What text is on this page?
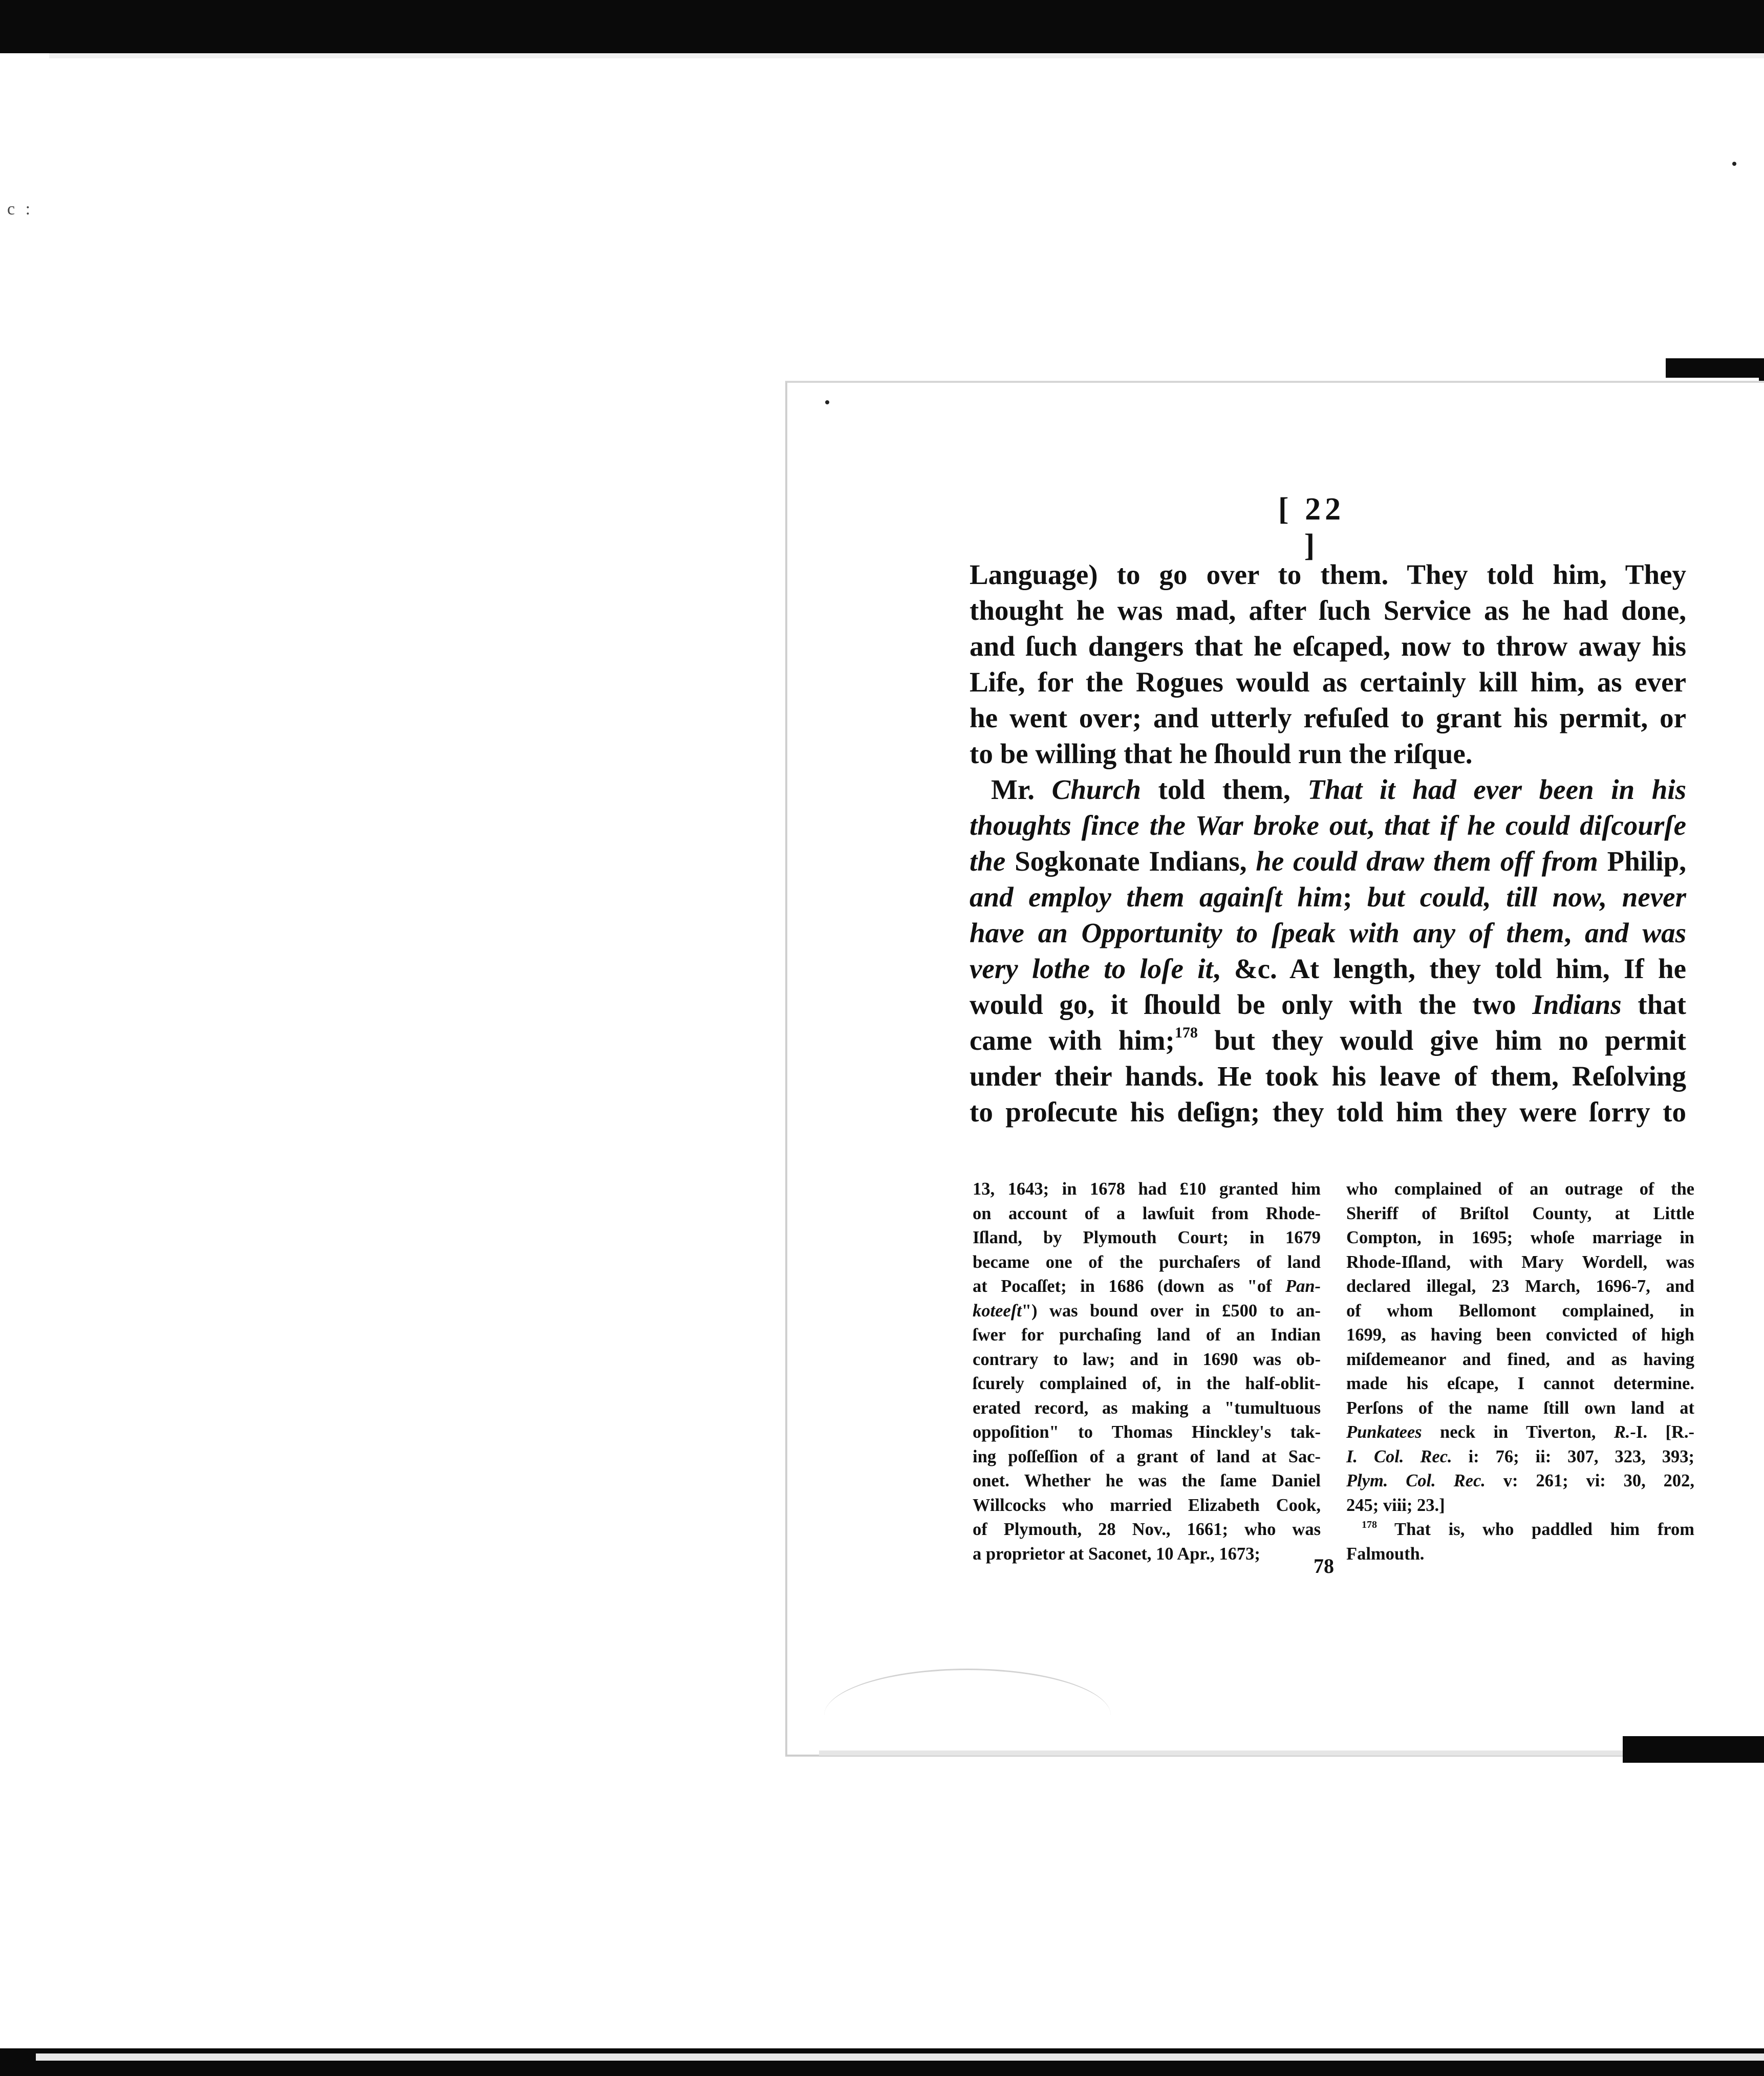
c :
[ 22 ]
Language) to go over to them. They told him, They
thought he was mad, after ſuch Service as he had done,
and ſuch dangers that he eſcaped, now to throw away his
Life, for the Rogues would as certainly kill him, as ever
he went over; and utterly refuſed to grant his permit, or
to be willing that he ſhould run the riſque.
Mr. Church told them, That it had ever been in his
thoughts ſince the War broke out, that if he could diſcourſe
the Sogkonate Indians, he could draw them off from Philip,
and employ them againſt him; but could, till now, never
have an Opportunity to ſpeak with any of them, and was
very lothe to loſe it, &c. At length, they told him, If he
would go, it ſhould be only with the two Indians that
came with him;$^{178}$ but they would give him no permit
under their hands. He took his leave of them, Reſolving
to proſecute his deſign; they told him they were ſorry to
13, 1643; in 1678 had £10 granted him
on account of a lawſuit from Rhode-
Iſland, by Plymouth Court; in 1679
became one of the purchaſers of land
at Pocaſſet; in 1686 (down as "of Pan-
koteeſt") was bound over in £500 to an-
ſwer for purchaſing land of an Indian
contrary to law; and in 1690 was ob-
ſcurely complained of, in the half-oblit-
erated record, as making a "tumultuous
oppoſition" to Thomas Hinckley's tak-
ing poſſeſſion of a grant of land at Sac-
onet. Whether he was the ſame Daniel
Willcocks who married Elizabeth Cook,
of Plymouth, 28 Nov., 1661; who was
a proprietor at Saconet, 10 Apr., 1673;
who complained of an outrage of the
Sheriff of Briſtol County, at Little
Compton, in 1695; whoſe marriage in
Rhode-Iſland, with Mary Wordell, was
declared illegal, 23 March, 1696-7, and
of whom Bellomont complained, in
1699, as having been convicted of high
miſdemeanor and fined, and as having
made his eſcape, I cannot determine.
Perſons of the name ſtill own land at
Punkatees neck in Tiverton, R.-I. [R.-
I. Col. Rec. i: 76; ii: 307, 323, 393;
Plym. Col. Rec. v: 261; vi: 30, 202,
245; viii; 23.]
$^{178}$ That is, who paddled him from
Falmouth.
78
